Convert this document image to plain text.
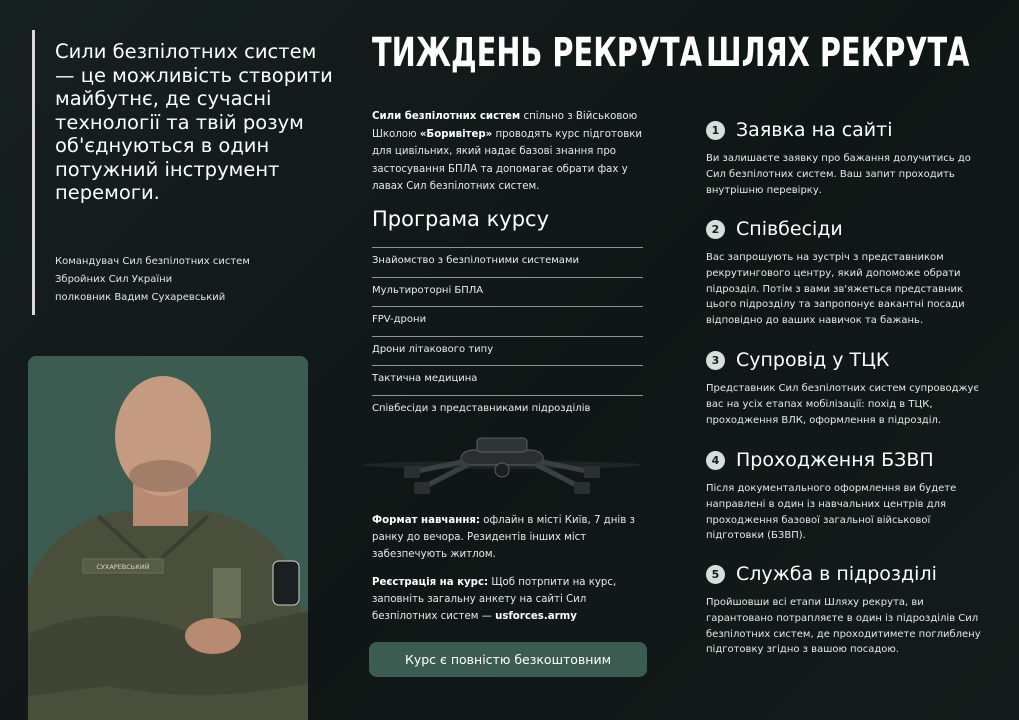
Сили безпілотних систем — це можливість створити майбутнє, де сучасні технології та твій розум об'єднуються в один потужний інструмент перемоги.

Командувач Сил безпілотних систем
Збройних Сил України
полковник Вадим Сухаревський
СУХАРЕВСЬКИЙ
ТИЖДЕНЬ РЕКРУТА

Сили безпілотних систем спільно з Військовою Школою «Боривітер» проводять курс підготовки для цивільних, який надає базові знання про застосування БПЛА та допомагає обрати фах у лавах Сил безпілотних систем.

Програма курсу
Знайомство з безпілотними системами
Мультироторні БПЛА
FPV-дрони
Дрони літакового типу
Тактична медицина
Співбесіди з представниками підрозділів

Формат навчання: офлайн в місті Київ, 7 днів з ранку до вечора. Резидентів інших міст забезпечують житлом.

Реєстрація на курс: Щоб потрпити на курс, заповніть загальну анкету на сайті Сил безпілотних систем — usforces.army

Курс є повністю безкоштовним
ШЛЯХ РЕКРУТА
1 Заявка на сайті

Ви залишаєте заявку про бажання долучитись до Сил безпілотних систем. Ваш запит проходить внутрішню перевірку.

2 Співбесіди

Вас запрошують на зустріч з представником рекрутингового центру, який допоможе обрати підрозділ. Потім з вами зв'яжеться представник цього підрозділу та запропонує вакантні посади відповідно до ваших навичок та бажань.

3 Супровід у ТЦК

Представник Сил безпілотних систем супроводжує вас на усіх етапах мобілізації: похід в ТЦК, проходження ВЛК, оформлення в підрозділ.

4 Проходження БЗВП

Після документального оформлення ви будете направлені в один із навчальних центрів для проходження базової загальної військової підготовки (БЗВП).

5 Служба в підрозділі

Пройшовши всі етапи Шляху рекрута, ви гарантовано потрапляєте в один із підрозділів Сил безпілотних систем, де проходитимете поглиблену підготовку згідно з вашою посадою.
